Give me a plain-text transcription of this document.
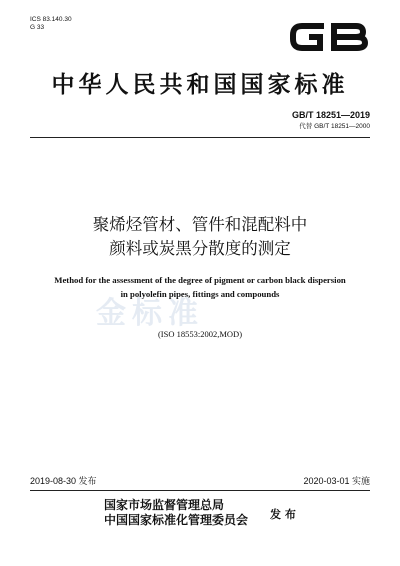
ICS 83.140.30
G 33
中华人民共和国国家标准
GB/T 18251—2019
代替 GB/T 18251—2000
聚烯烃管材、管件和混配料中
颜料或炭黑分散度的测定
金标准
Method for the assessment of the degree of pigment or carbon black dispersion
in polyolefin pipes, fittings and compounds
(ISO 18553:2002,MOD)
2019-08-30 发布	2020-03-01 实施
国家市场监督管理总局
中国国家标准化管理委员会 发 布
